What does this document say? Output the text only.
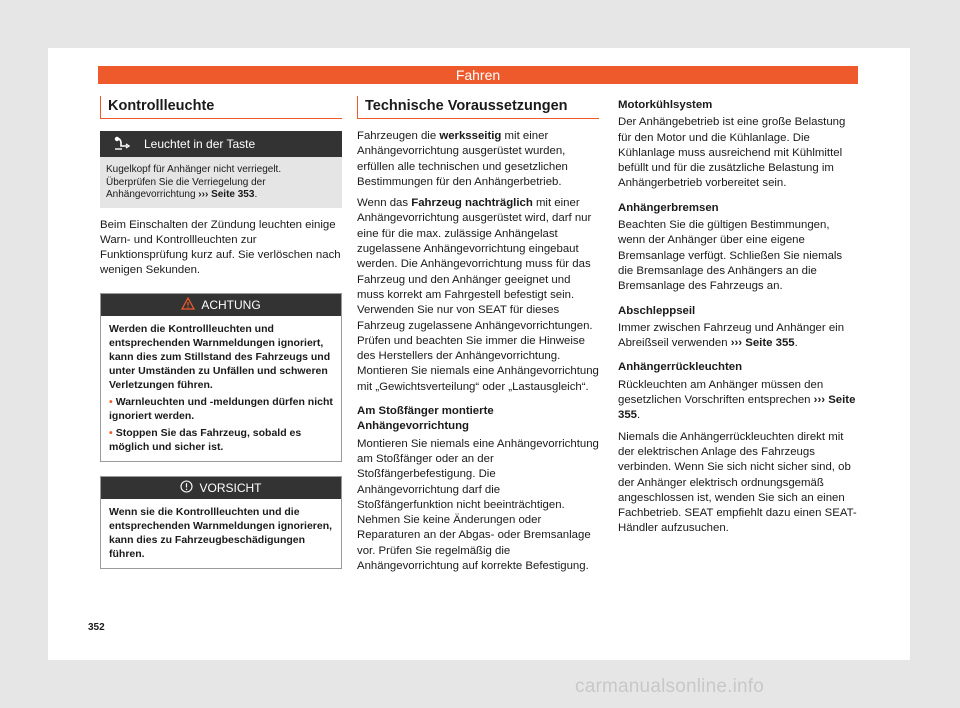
Fahren
Kontrollleuchte
Leuchtet in der Taste
Kugelkopf für Anhänger nicht verriegelt.
Überprüfen Sie die Verriegelung der Anhängevorrichtung ››› Seite 353.

Beim Einschalten der Zündung leuchten einige Warn- und Kontrollleuchten zur Funktionsprüfung kurz auf. Sie verlöschen nach wenigen Sekunden.

ACHTUNG

Werden die Kontrollleuchten und entsprechenden Warnmeldungen ignoriert, kann dies zum Stillstand des Fahrzeugs und unter Umständen zu Unfällen und schweren Verletzungen führen.

• Warnleuchten und -meldungen dürfen nicht ignoriert werden.
• Stoppen Sie das Fahrzeug, sobald es möglich und sicher ist.
VORSICHT

Wenn sie die Kontrollleuchten und die entsprechenden Warnmeldungen ignorieren, kann dies zu Fahrzeugbeschädigungen führen.

Technische Voraussetzungen

Fahrzeugen die werksseitig mit einer Anhängevorrichtung ausgerüstet wurden, erfüllen alle technischen und gesetzlichen Bestimmungen für den Anhängerbetrieb.

Wenn das Fahrzeug nachträglich mit einer Anhängevorrichtung ausgerüstet wird, darf nur eine für die max. zulässige Anhängelast zugelassene Anhängevorrichtung eingebaut werden. Die Anhängevorrichtung muss für das Fahrzeug und den Anhänger geeignet und muss korrekt am Fahrgestell befestigt sein. Verwenden Sie nur von SEAT für dieses Fahrzeug zugelassene Anhängevorrichtungen. Prüfen und beachten Sie immer die Hinweise des Herstellers der Anhängevorrichtung. Montieren Sie niemals eine Anhängevorrichtung mit „Gewichtsverteilung“ oder „Lastausgleich“.

Am Stoßfänger montierte Anhängevorrichtung

Montieren Sie niemals eine Anhängevorrichtung am Stoßfänger oder an der Stoßfängerbefestigung. Die Anhängevorrichtung darf die Stoßfängerfunktion nicht beeinträchtigen. Nehmen Sie keine Änderungen oder Reparaturen an der Abgas- oder Bremsanlage vor. Prüfen Sie regelmäßig die Anhängevorrichtung auf korrekte Befestigung.

Motorkühlsystem

Der Anhängebetrieb ist eine große Belastung für den Motor und die Kühlanlage. Die Kühlanlage muss ausreichend mit Kühlmittel befüllt und für die zusätzliche Belastung im Anhängerbetrieb vorbereitet sein.

Anhängerbremsen

Beachten Sie die gültigen Bestimmungen, wenn der Anhänger über eine eigene Bremsanlage verfügt. Schließen Sie niemals die Bremsanlage des Anhängers an die Bremsanlage des Fahrzeugs an.

Abschleppseil

Immer zwischen Fahrzeug und Anhänger ein Abreißseil verwenden ››› Seite 355.

Anhängerrückleuchten

Rückleuchten am Anhänger müssen den gesetzlichen Vorschriften entsprechen ››› Seite 355.

Niemals die Anhängerrückleuchten direkt mit der elektrischen Anlage des Fahrzeugs verbinden. Wenn Sie sich nicht sicher sind, ob der Anhänger elektrisch ordnungsgemäß angeschlossen ist, wenden Sie sich an einen Fachbetrieb. SEAT empfiehlt dazu einen SEAT-Händler aufzusuchen.

352
carmanualsonline.info
